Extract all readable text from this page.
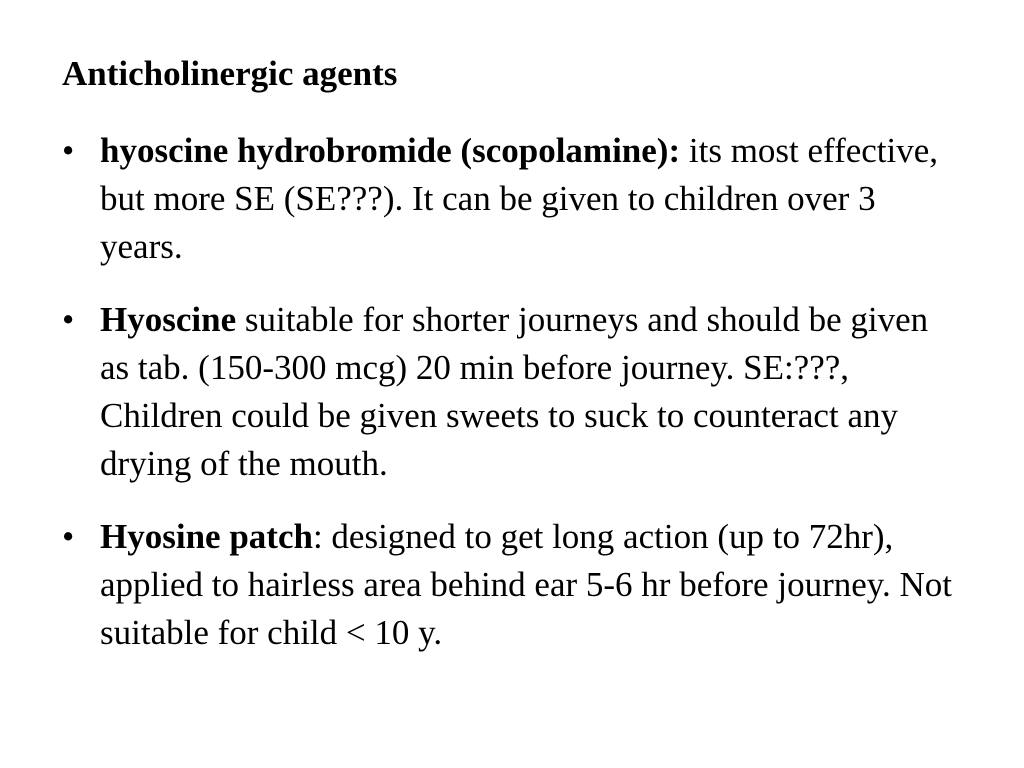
Anticholinergic agents
• hyoscine hydrobromide (scopolamine): its most effective, but more SE (SE???). It can be given to children over 3 years.
• Hyoscine suitable for shorter journeys and should be given as tab. (150-300 mcg) 20 min before journey. SE:???, Children could be given sweets to suck to counteract any drying of the mouth.
• Hyosine patch: designed to get long action (up to 72hr), applied to hairless area behind ear 5-6 hr before journey. Not suitable for child < 10 y.
